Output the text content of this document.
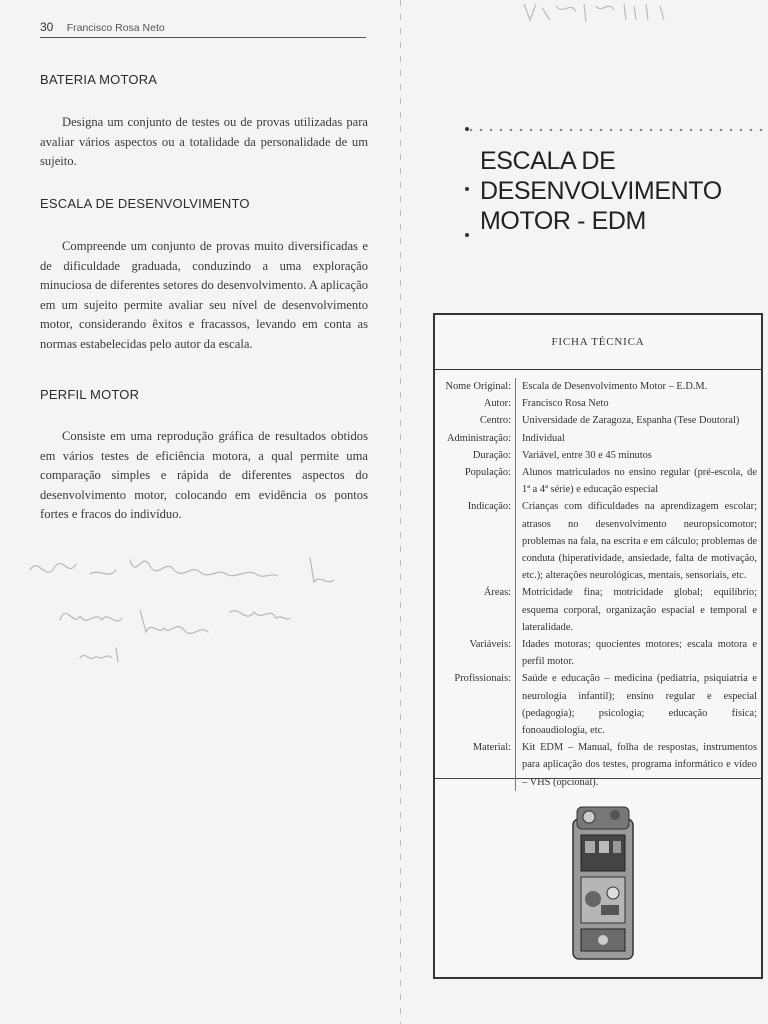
30 Francisco Rosa Neto
BATERIA MOTORA
Designa um conjunto de testes ou de provas utilizadas para avaliar vários aspectos ou a totalidade da personalidade de um sujeito.
ESCALA DE DESENVOLVIMENTO
Compreende um conjunto de provas muito diversificadas e de dificuldade graduada, conduzindo a uma exploração minuciosa de diferentes setores do desenvolvimento. A aplicação em um sujeito permite avaliar seu nível de desenvolvimento motor, considerando êxitos e fracassos, levando em conta as normas estabelecidas pelo autor da escala.
PERFIL MOTOR
Consiste em uma reprodução gráfica de resultados obtidos em vários testes de eficiência motora, a qual permite uma comparação simples e rápida de diferentes aspectos do desenvolvimento motor, colocando em evidência os pontos fortes e fracos do indivíduo.
ESCALA DE DESENVOLVIMENTO
MOTOR - EDM
FICHA TÉCNICA
Nome Original:	Escala de Desenvolvimento Motor – E.D.M.
Autor:	Francisco Rosa Neto
Centro:	Universidade de Zaragoza, Espanha (Tese Doutoral)
Administração:	Individual
Duração:	Variável, entre 30 e 45 minutos
População:	Alunos matriculados no ensino regular (pré-escola, de 1ª a 4ª série) e educação especial
Indicação:	Crianças com dificuldades na aprendizagem escolar; atrasos no desenvolvimento neuropsicomotor; problemas na fala, na escrita e em cálculo; problemas de conduta (hiperatividade, ansiedade, falta de motivação, etc.); alterações neurológicas, mentais, sensoriais, etc.
Áreas:	Motricidade fina; motricidade global; equilíbrio; esquema corporal, organização espacial e temporal e lateralidade.
Variáveis:	Idades motoras; quocientes motores; escala motora e perfil motor.
Profissionais:	Saúde e educação – medicina (pediatria, psiquiatria e neurologia infantil); ensino regular e especial (pedagogia); psicologia; educação física; fonoaudiologia, etc.
Material:	Kit EDM – Manual, folha de respostas, instrumentos para aplicação dos testes, programa informático e vídeo – VHS (opcional).
